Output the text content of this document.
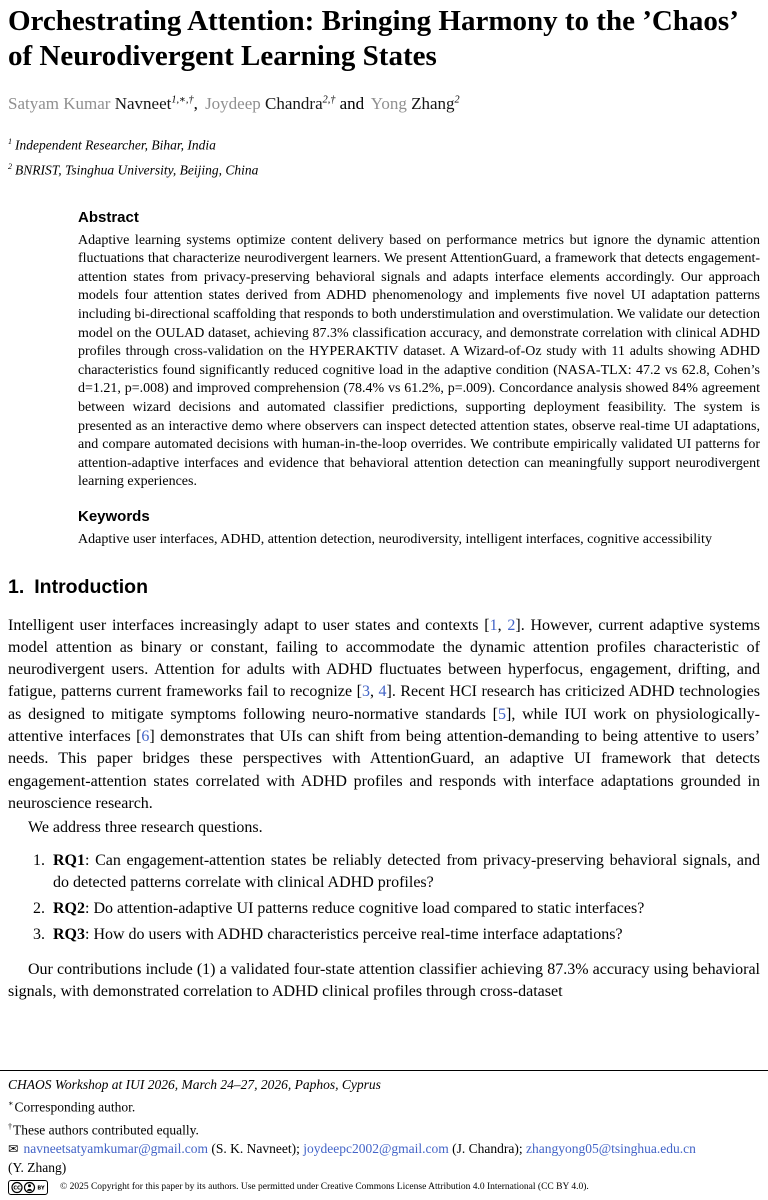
Orchestrating Attention: Bringing Harmony to the ’Chaos’ of Neurodivergent Learning States

Satyam Kumar Navneet$^{1,∗,\dagger}$, Joydeep Chandra$^{2,\dagger}$ and Yong Zhang$^2$

$^1$ Independent Researcher, Bihar, India

$^2$ BNRIST, Tsinghua University, Beijing, China

Abstract

Adaptive learning systems optimize content delivery based on performance metrics but ignore the dynamic attention fluctuations that characterize neurodivergent learners. We present AttentionGuard, a framework that detects engagement-attention states from privacy-preserving behavioral signals and adapts interface elements accordingly. Our approach models four attention states derived from ADHD phenomenology and implements five novel UI adaptation patterns including bi-directional scaffolding that responds to both understimulation and overstimulation. We validate our detection model on the OULAD dataset, achieving 87.3% classification accuracy, and demonstrate correlation with clinical ADHD profiles through cross-validation on the HYPERAKTIV dataset. A Wizard-of-Oz study with 11 adults showing ADHD characteristics found significantly reduced cognitive load in the adaptive condition (NASA-TLX: 47.2 vs 62.8, Cohen’s d=1.21, p=.008) and improved comprehension (78.4% vs 61.2%, p=.009). Concordance analysis showed 84% agreement between wizard decisions and automated classifier predictions, supporting deployment feasibility. The system is presented as an interactive demo where observers can inspect detected attention states, observe real-time UI adaptations, and compare automated decisions with human-in-the-loop overrides. We contribute empirically validated UI patterns for attention-adaptive interfaces and evidence that behavioral attention detection can meaningfully support neurodivergent learning experiences.

Keywords

Adaptive user interfaces, ADHD, attention detection, neurodiversity, intelligent interfaces, cognitive accessibility

1. Introduction

Intelligent user interfaces increasingly adapt to user states and contexts [1, 2]. However, current adaptive systems model attention as binary or constant, failing to accommodate the dynamic attention profiles characteristic of neurodivergent users. Attention for adults with ADHD fluctuates between hyperfocus, engagement, drifting, and fatigue, patterns current frameworks fail to recognize [3, 4]. Recent HCI research has criticized ADHD technologies as designed to mitigate symptoms following neuro-normative standards [5], while IUI work on physiologically-attentive interfaces [6] demonstrates that UIs can shift from being attention-demanding to being attentive to users’ needs. This paper bridges these perspectives with AttentionGuard, an adaptive UI framework that detects engagement-attention states correlated with ADHD profiles and responds with interface adaptations grounded in neuroscience research.

We address three research questions.

1. RQ1: Can engagement-attention states be reliably detected from privacy-preserving behavioral signals, and do detected patterns correlate with clinical ADHD profiles?
2. RQ2: Do attention-adaptive UI patterns reduce cognitive load compared to static interfaces?
3. RQ3: How do users with ADHD characteristics perceive real-time interface adaptations?

Our contributions include (1) a validated four-state attention classifier achieving 87.3% accuracy using behavioral signals, with demonstrated correlation to ADHD clinical profiles through cross-dataset

CHAOS Workshop at IUI 2026, March 24–27, 2026, Paphos, Cyprus

∗Corresponding author.

†These authors contributed equally.

✉ navneetsatyamkumar@gmail.com (S. K. Navneet); joydeepc2002@gmail.com (J. Chandra); zhangyong05@tsinghua.edu.cn
(Y. Zhang)

CC	BY © 2025 Copyright for this paper by its authors. Use permitted under Creative Commons License Attribution 4.0 International (CC BY 4.0).
